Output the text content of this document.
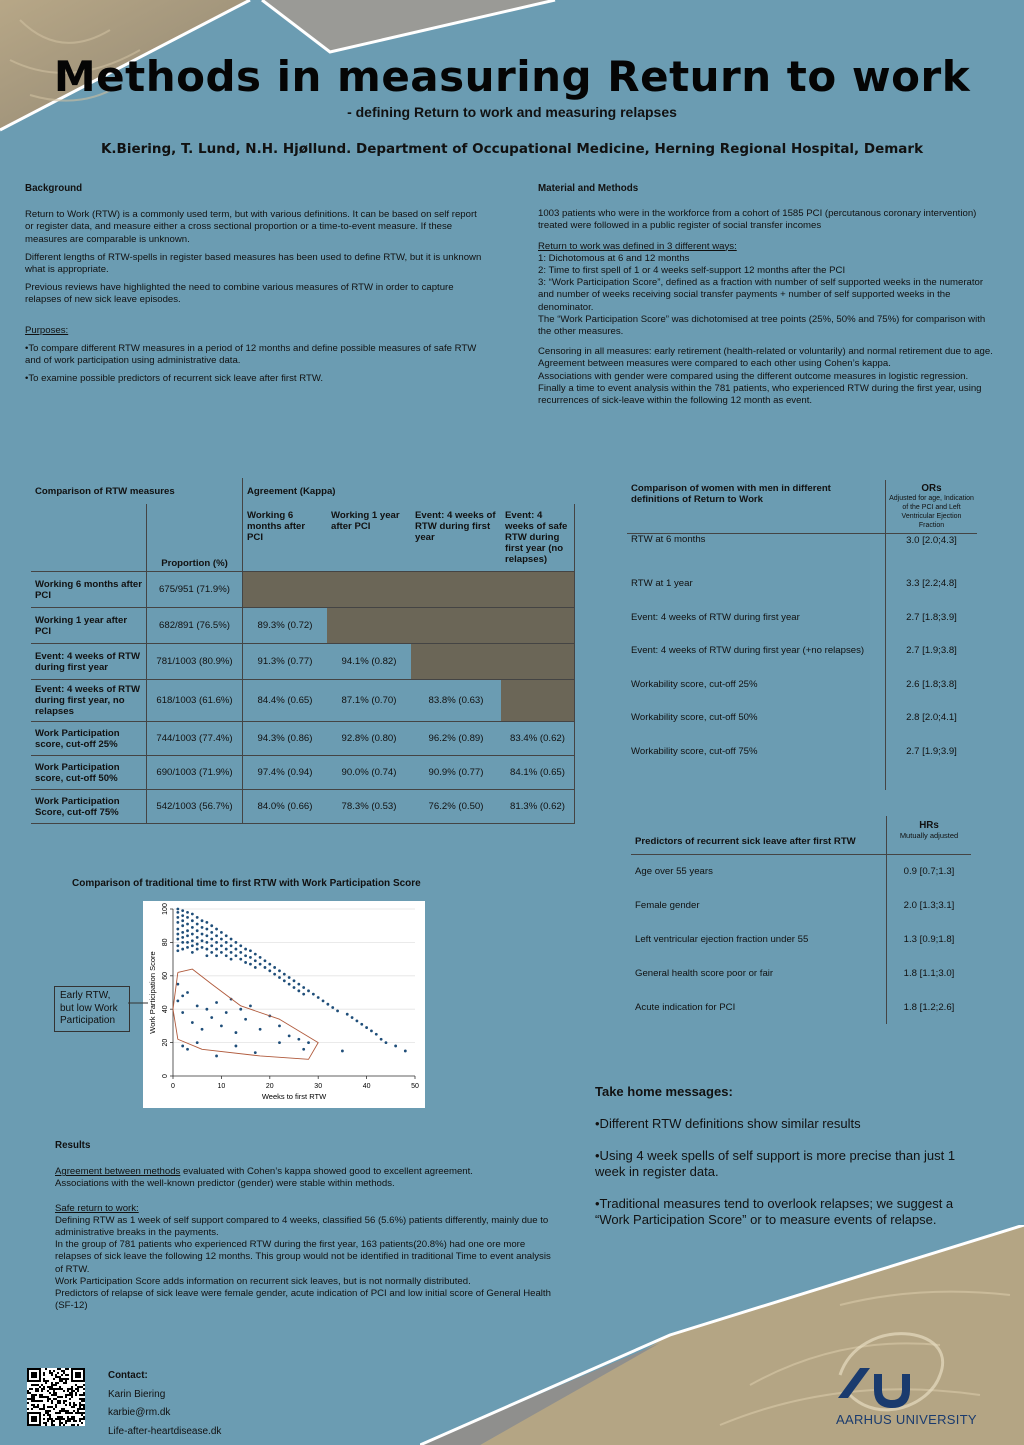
Methods in measuring Return to work
- defining Return to work and measuring relapses
K.Biering, T. Lund, N.H. Hjøllund. Department of Occupational Medicine, Herning Regional Hospital, Demark
Background

Return to Work (RTW) is a commonly used term, but with various definitions. It can be based on self report or register data, and measure either a cross sectional proportion or a time-to-event measure. If these measures are comparable is unknown.

Different lengths of RTW-spells in register based measures has been used to define RTW, but it is unknown what is appropriate.

Previous reviews have highlighted the need to combine various measures of RTW in order to capture relapses of new sick leave episodes.

Purposes:

•To compare different RTW measures in a period of 12 months and define possible measures of safe RTW and of work participation using administrative data.

•To examine possible predictors of recurrent sick leave after first RTW.

Material and Methods

1003 patients who were in the workforce from a cohort of 1585 PCI (percutanous coronary intervention) treated were followed in a public register of social transfer incomes

Return to work was defined in 3 different ways:
1: Dichotomous at 6 and 12 months
2: Time to first spell of 1 or 4 weeks self-support 12 months after the PCI
3: “Work Participation Score”, defined as a fraction with number of self supported weeks in the numerator and number of weeks receiving social transfer payments + number of self supported weeks in the denominator.
The “Work Participation Score” was dichotomised at tree points (25%, 50% and 75%) for comparison with the other measures.
Censoring in all measures: early retirement (health-related or voluntarily) and normal retirement due to age.
Agreement between measures were compared to each other using Cohen’s kappa.
Associations with gender were compared using the different outcome measures in logistic regression.
Finally a time to event analysis within the 781 patients, who experienced RTW during the first year, using recurrences of sick-leave within the following 12 month as event.
Comparison of RTW measures		Agreement (Kappa)			
	Proportion (%)	Working 6 months after PCI	Working 1 year after PCI	Event: 4 weeks of RTW during first year	Event: 4 weeks of safe RTW during first year (no relapses)
Working 6 months after PCI	675/951 (71.9%)				
Working 1 year after PCI	682/891 (76.5%)	89.3% (0.72)			
Event: 4 weeks of RTW during first year	781/1003 (80.9%)	91.3% (0.77)	94.1% (0.82)		
Event: 4 weeks of RTW during first year, no relapses	618/1003 (61.6%)	84.4% (0.65)	87.1% (0.70)	83.8% (0.63)	
Work Participation score, cut-off 25%	744/1003 (77.4%)	94.3% (0.86)	92.8% (0.80)	96.2% (0.89)	83.4% (0.62)
Work Participation score, cut-off 50%	690/1003 (71.9%)	97.4% (0.94)	90.0% (0.74)	90.9% (0.77)	84.1% (0.65)
Work Participation Score, cut-off 75%	542/1003 (56.7%)	84.0% (0.66)	78.3% (0.53)	76.2% (0.50)	81.3% (0.62)
Comparison of women with men in different definitions of Return to Work	ORs
Adjusted for age, Indication of the PCI and Left Ventricular Ejection Fraction

RTW at 6 months	3.0 [2.0;4.3]
RTW at 1 year	3.3 [2.2;4.8]
Event: 4 weeks of RTW during first year	2.7 [1.8;3.9]
Event: 4 weeks of RTW during first year (+no relapses)	2.7 [1.9;3.8]
Workability score, cut-off 25%	2.6 [1.8;3.8]
Workability score, cut-off 50%	2.8 [2.0;4.1]
Workability score, cut-off 75%	2.7 [1.9;3.9]

Predictors of recurrent sick leave after first RTW	HRs
Mutually adjusted

Age over 55 years	0.9 [0.7;1.3]
Female gender	2.0 [1.3;3.1]
Left ventricular ejection fraction under 55	1.3 [0.9;1.8]
General health score poor or fair	1.8 [1.1;3.0]
Acute indication for PCI	1.8 [1.2;2.6]
Comparison of traditional time to first RTW with Work Participation Score
0	10	20	30	40	50
0
20
40
60
80
100
Weeks to first RTW
Work Participation Score
Early RTW, but low Work Participation
Results
Agreement between methods evaluated with Cohen’s kappa showed good to excellent agreement.
Associations with the well-known predictor (gender) were stable within methods.
Safe return to work:
Defining RTW as 1 week of self support compared to 4 weeks, classified 56 (5.6%) patients differently, mainly due to administrative breaks in the payments.
In the group of 781 patients who experienced RTW during the first year, 163 patients(20.8%) had one ore more relapses of sick leave the following 12 months. This group would not be identified in traditional Time to event analysis of RTW.
Work Participation Score adds information on recurrent sick leaves, but is not normally distributed.
Predictors of relapse of sick leave were female gender, acute indication of PCI and low initial score of General Health (SF-12)
Take home messages:
•Different RTW definitions show similar results
•Using 4 week spells of self support is more precise than just 1 week in register data.
•Traditional measures tend to overlook relapses; we suggest a “Work Participation Score” or to measure events of relapse.
Contact:
Karin Biering
karbie@rm.dk
Life-after-heartdisease.dk
AARHUS UNIVERSITY
